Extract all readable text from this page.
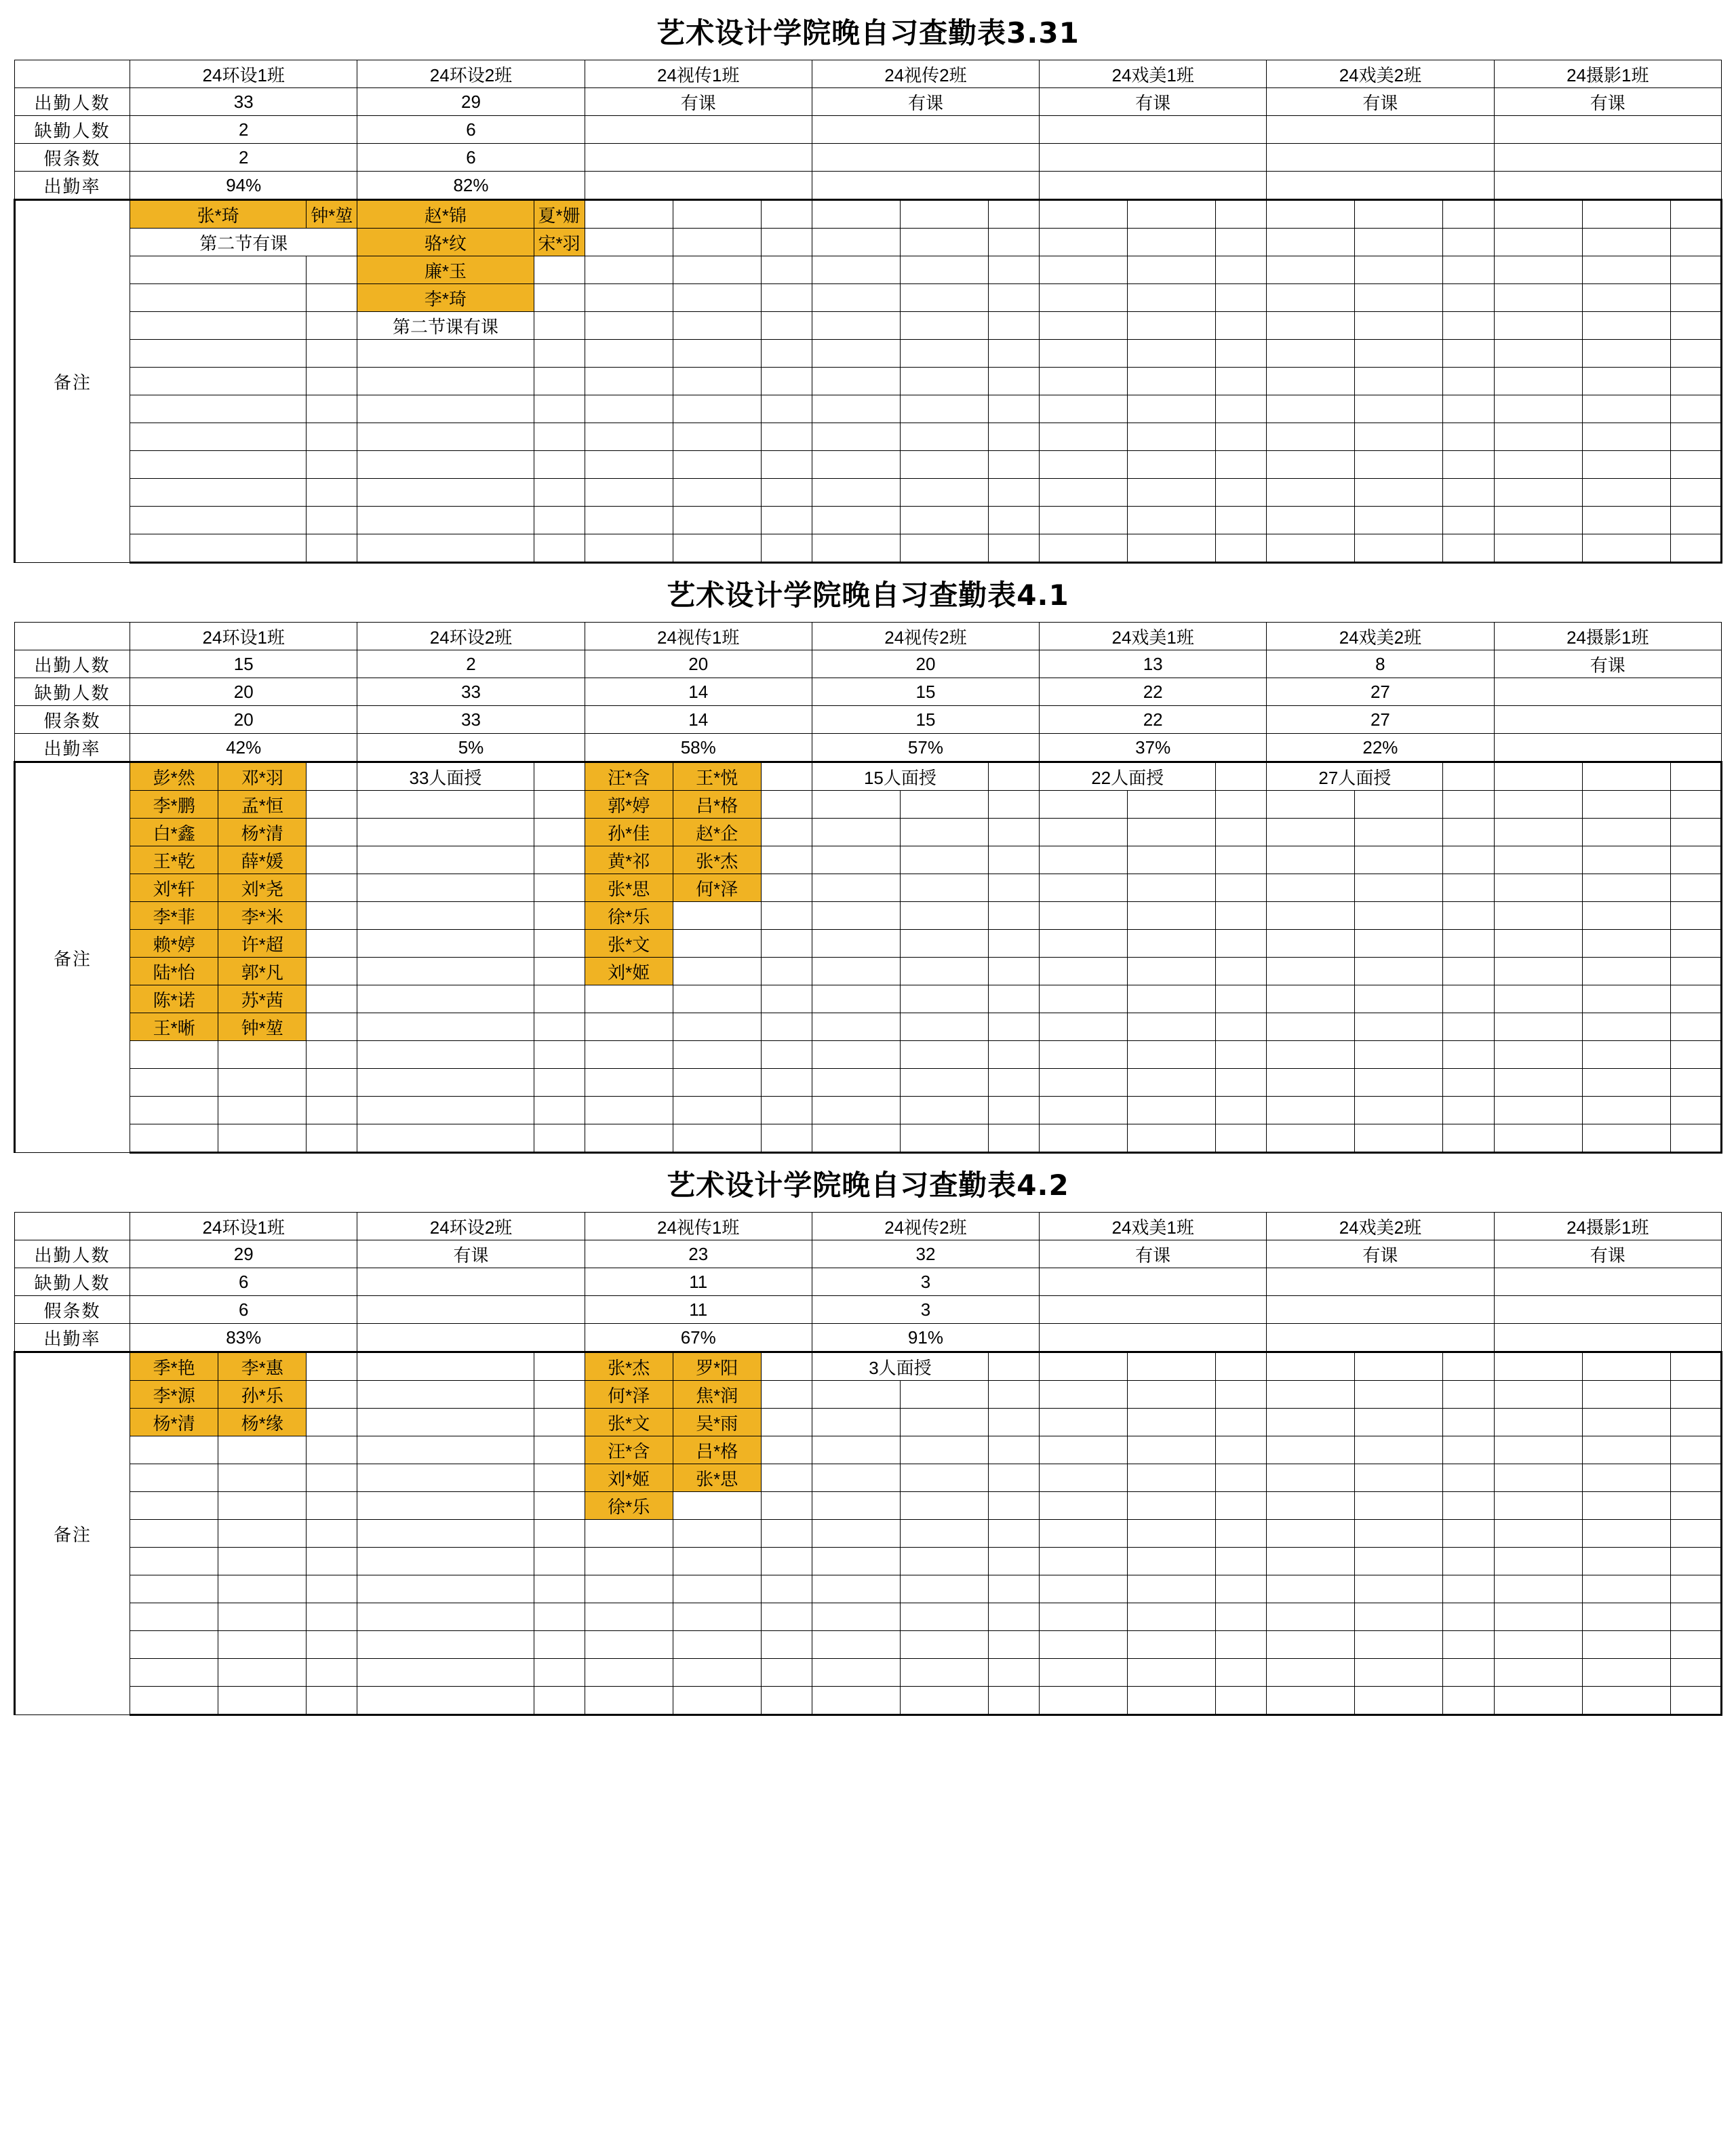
艺术设计学院晚自习查勤表3.31
	24环设1班		24环设2班		24视传1班			24视传2班			24戏美1班			24戏美2班			24摄影1班		
出勤人数	33		29		有课			有课			有课			有课			有课		
缺勤人数	2		6																
假条数	2		6																
出勤率	94%		82%																
备注	张*琦	钟*堃	赵*锦	夏*姗															
	第二节有课		骆*纹	宋*羽															
			廉*玉																
			李*琦																
			第二节课有课																

艺术设计学院晚自习查勤表4.1
	24环设1班			24环设2班		24视传1班			24视传2班			24戏美1班			24戏美2班			24摄影1班		
出勤人数	15			2		20			20			13			8			有课		
缺勤人数	20			33		14			15			22			27					
假条数	20			33		14			15			22			27					
出勤率	42%			5%		58%			57%			37%			22%					
备注	彭*然	邓*羽		33人面授		汪*含	王*悦		15人面授			22人面授			27人面授					
	李*鹏	孟*恒				郭*婷	吕*格													
	白*鑫	杨*清				孙*佳	赵*企													
	王*乾	薛*媛				黄*祁	张*杰													
	刘*轩	刘*尧				张*思	何*泽													
	李*菲	李*米				徐*乐														
	赖*婷	许*超				张*文														
	陆*怡	郭*凡				刘*姬														
	陈*诺	苏*茜																		
	王*晰	钟*堃																		

艺术设计学院晚自习查勤表4.2
	24环设1班			24环设2班		24视传1班			24视传2班			24戏美1班			24戏美2班			24摄影1班		
出勤人数	29			有课		23			32			有课			有课			有课		
缺勤人数	6					11			3											
假条数	6					11			3											
出勤率	83%					67%			91%											
备注	季*艳	李*惠				张*杰	罗*阳		3人面授											
	李*源	孙*乐				何*泽	焦*润													
	杨*清	杨*缘				张*文	吴*雨													
						汪*含	吕*格													
						刘*姬	张*思													
						徐*乐														
